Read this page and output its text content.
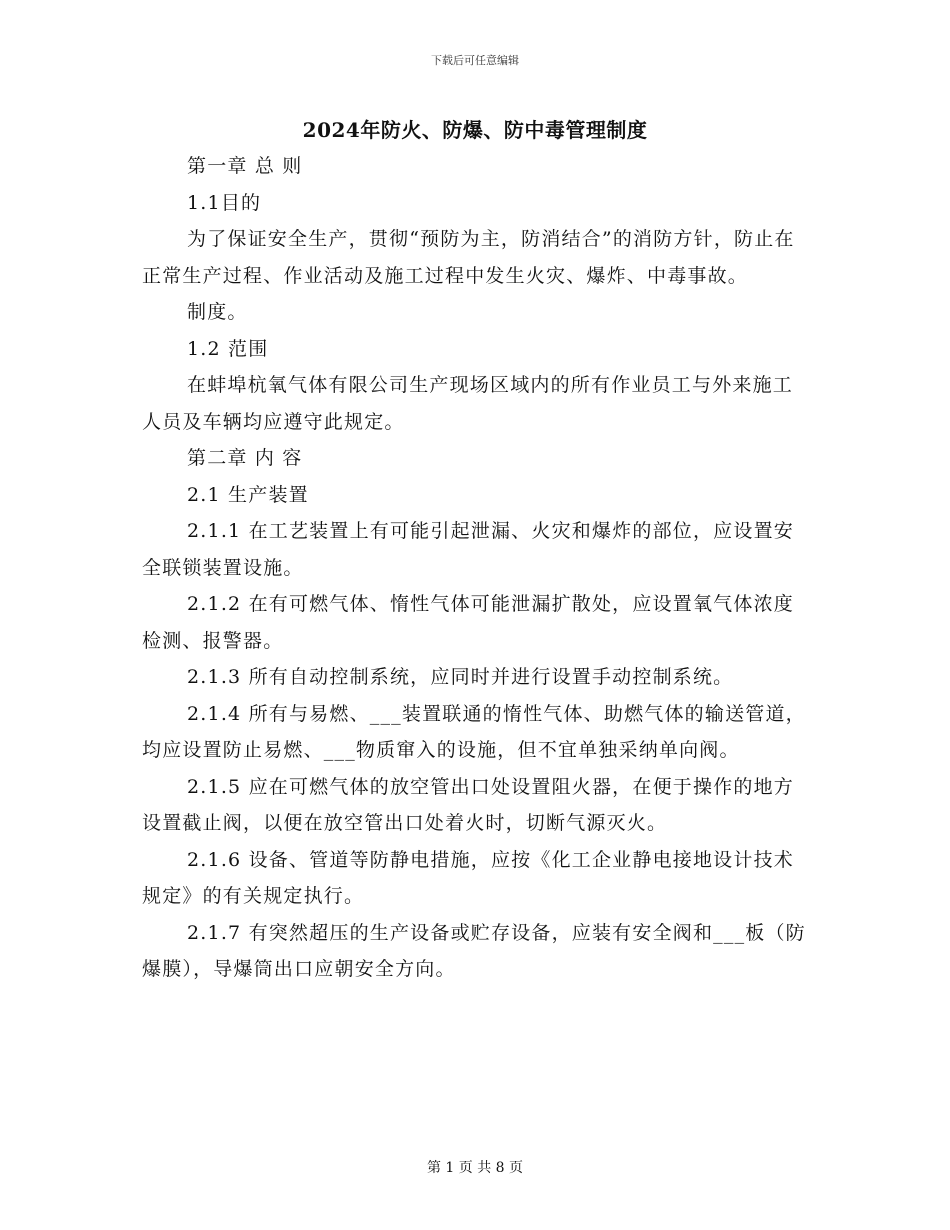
下载后可任意编辑
2024年防火、防爆、防中毒管理制度

第一章 总 则

1.1目的

为了保证安全生产，贯彻“预防为主，防消结合”的消防方针，防止在正常生产过程、作业活动及施工过程中发生火灾、爆炸、中毒事故。

制度。

1.2 范围

在蚌埠杭氧气体有限公司生产现场区域内的所有作业员工与外来施工人员及车辆均应遵守此规定。

第二章 内 容

2.1 生产装置

2.1.1 在工艺装置上有可能引起泄漏、火灾和爆炸的部位，应设置安全联锁装置设施。

2.1.2 在有可燃气体、惰性气体可能泄漏扩散处，应设置氧气体浓度检测、报警器。

2.1.3 所有自动控制系统，应同时并进行设置手动控制系统。

2.1.4 所有与易燃、___装置联通的惰性气体、助燃气体的输送管道，均应设置防止易燃、___物质窜入的设施，但不宜单独采纳单向阀。

2.1.5 应在可燃气体的放空管出口处设置阻火器，在便于操作的地方设置截止阀，以便在放空管出口处着火时，切断气源灭火。

2.1.6 设备、管道等防静电措施，应按《化工企业静电接地设计技术规定》的有关规定执行。

2.1.7 有突然超压的生产设备或贮存设备，应装有安全阀和___板（防爆膜），导爆筒出口应朝安全方向。

第 1 页 共 8 页
